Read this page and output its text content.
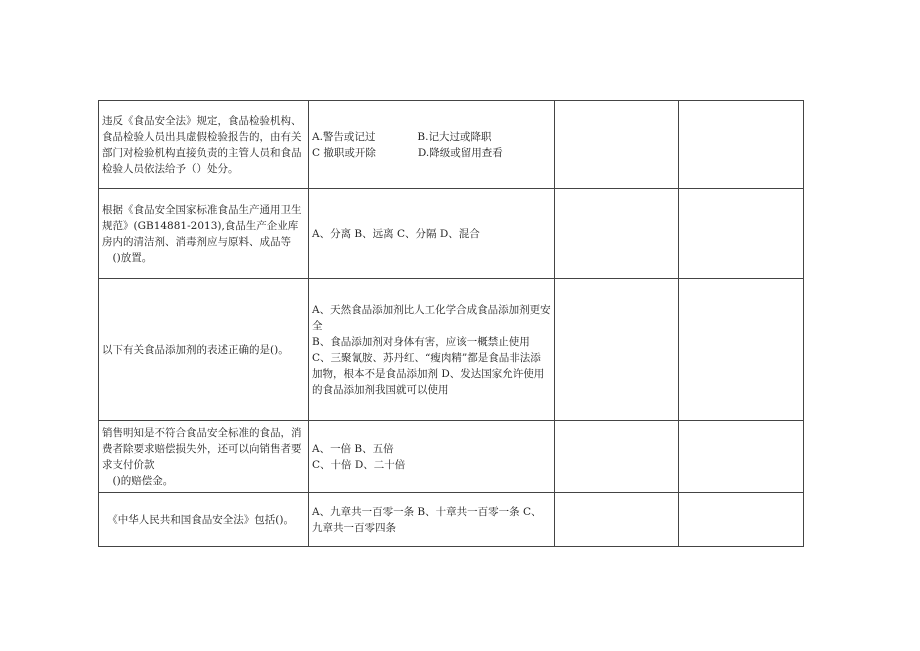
违反《食品安全法》规定，食品检验机构、食品检验人员出具虚假检验报告的，由有关部门对检验机构直接负责的主管人员和食品检验人员依法给予（）处分。	A.警告或记过　　　　B.记大过或降职
C 撤职或开除　　　　D.降级或留用查看		
根据《食品安全国家标准食品生产通用卫生规范》(GB14881-2013),食品生产企业库房内的清洁剂、消毒剂应与原料、成品等
　()放置。	A、分离 B、远离 C、分隔 D、混合		
以下有关食品添加剂的表述正确的是()。	A、天然食品添加剂比人工化学合成食品添加剂更安全
B、食品添加剂对身体有害，应该一概禁止使用
C、三聚氰胺、苏丹红、“瘦肉精”都是食品非法添加物，根本不是食品添加剂 D、发达国家允许使用的食品添加剂我国就可以使用		
销售明知是不符合食品安全标准的食品，消费者除要求赔偿损失外，还可以向销售者要求支付价款
　()的赔偿金。	A、一倍 B、五倍
C、十倍 D、二十倍		
　《中华人民共和国食品安全法》包括()。	A、九章共一百零一条 B、十章共一百零一条 C、九章共一百零四条		
